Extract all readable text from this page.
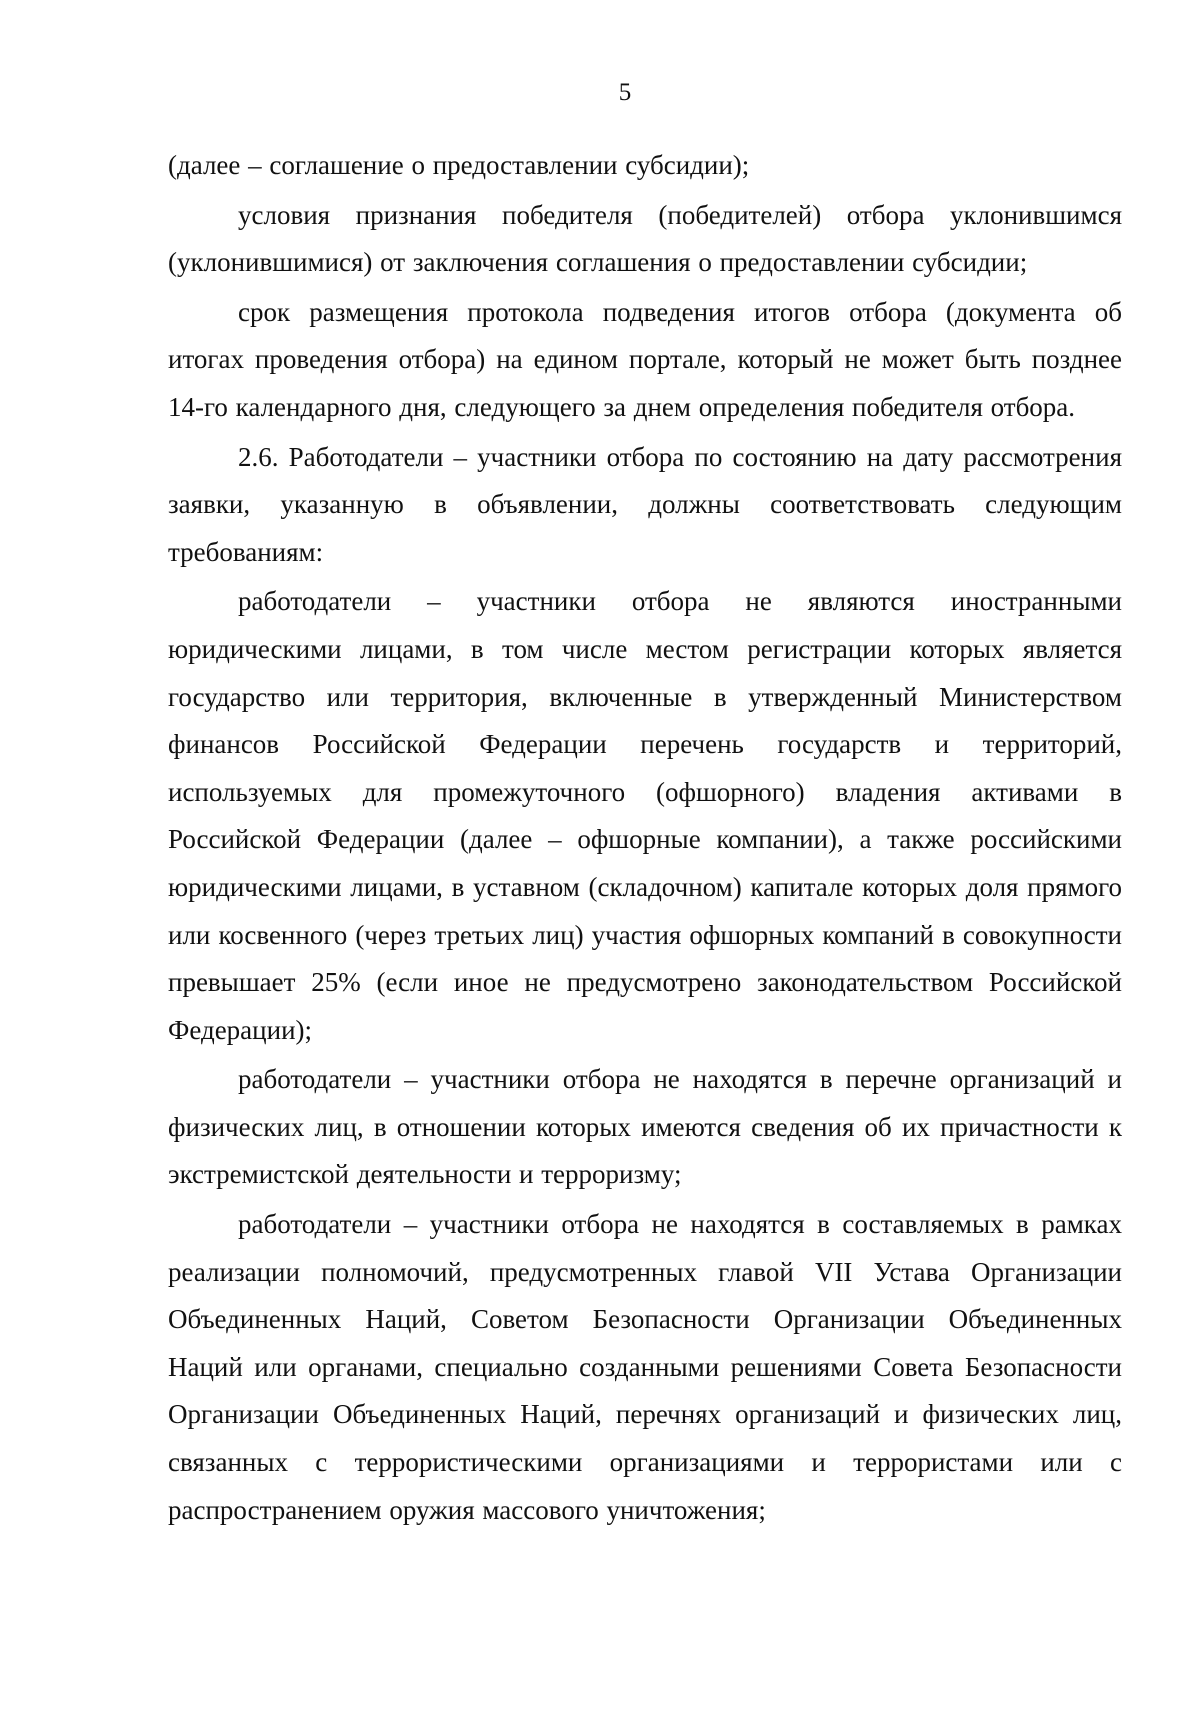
5

(далее – соглашение о предоставлении субсидии);

условия признания победителя (победителей) отбора уклонившимся (уклонившимися) от заключения соглашения о предоставлении субсидии;

срок размещения протокола подведения итогов отбора (документа об итогах проведения отбора) на едином портале, который не может быть позднее 14-го календарного дня, следующего за днем определения победителя отбора.

2.6. Работодатели – участники отбора по состоянию на дату рассмотрения заявки, указанную в объявлении, должны соответствовать следующим требованиям:

работодатели – участники отбора не являются иностранными юридическими лицами, в том числе местом регистрации которых является государство или территория, включенные в утвержденный Министерством финансов Российской Федерации перечень государств и территорий, используемых для промежуточного (офшорного) владения активами в Российской Федерации (далее – офшорные компании), а также российскими юридическими лицами, в уставном (складочном) капитале которых доля прямого или косвенного (через третьих лиц) участия офшорных компаний в совокупности превышает 25% (если иное не предусмотрено законодательством Российской Федерации);

работодатели – участники отбора не находятся в перечне организаций и физических лиц, в отношении которых имеются сведения об их причастности к экстремистской деятельности и терроризму;

работодатели – участники отбора не находятся в составляемых в рамках реализации полномочий, предусмотренных главой VII Устава Организации Объединенных Наций, Советом Безопасности Организации Объединенных Наций или органами, специально созданными решениями Совета Безопасности Организации Объединенных Наций, перечнях организаций и физических лиц, связанных с террористическими организациями и террористами или с распространением оружия массового уничтожения;
